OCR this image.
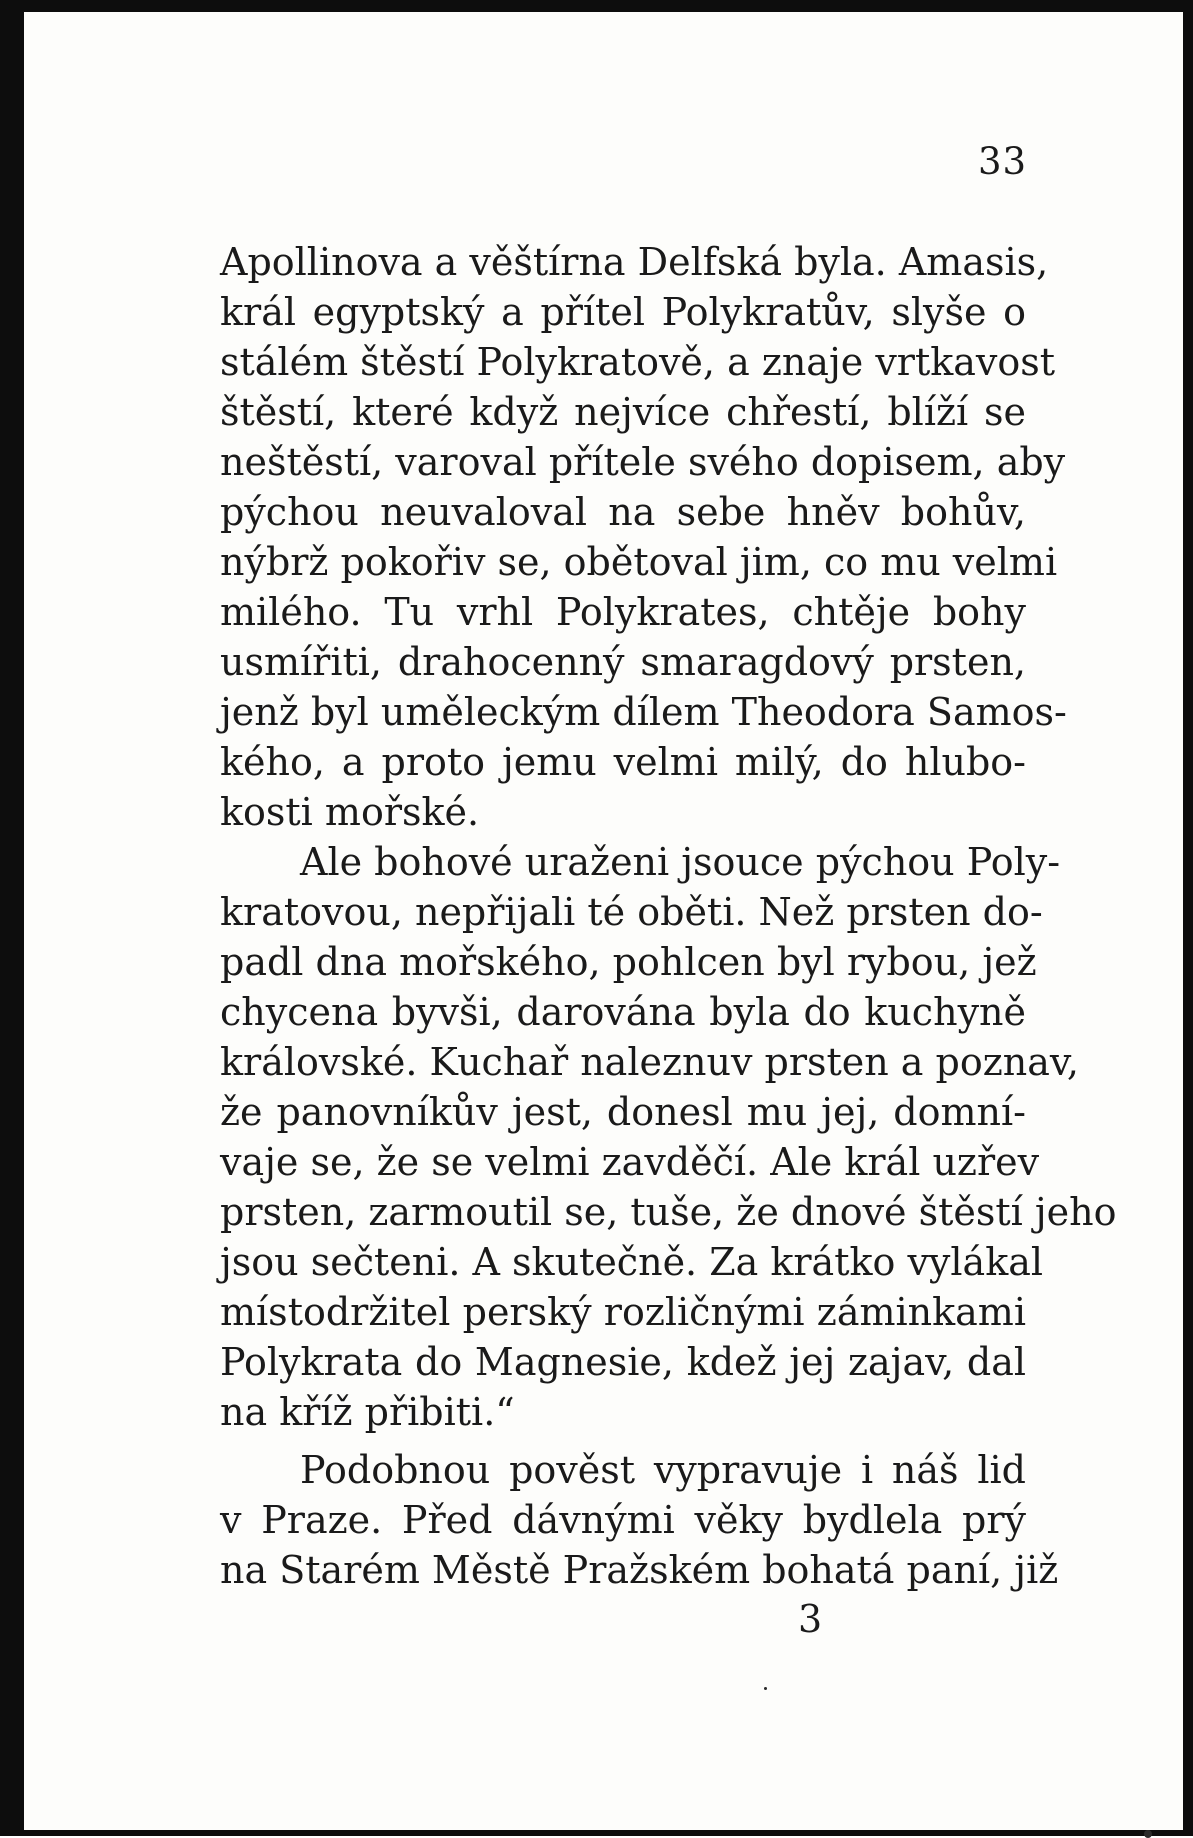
33
Apollinova a věštírna Delfská byla. Amasis,
král egyptský a přítel Polykratův, slyše o
stálém štěstí Polykratově, a znaje vrtkavost
štěstí, které když nejvíce chřestí, blíží se
neštěstí, varoval přítele svého dopisem, aby
pýchou neuvaloval na sebe hněv bohův,
nýbrž pokořiv se, obětoval jim, co mu velmi
milého. Tu vrhl Polykrates, chtěje bohy
usmířiti, drahocenný smaragdový prsten,
jenž byl uměleckým dílem Theodora Samos-
kého, a proto jemu velmi milý, do hlubo-
kosti mořské.
Ale bohové uraženi jsouce pýchou Poly-
kratovou, nepřijali té oběti. Než prsten do-
padl dna mořského, pohlcen byl rybou, jež
chycena byvši, darována byla do kuchyně
královské. Kuchař naleznuv prsten a poznav,
že panovníkův jest, donesl mu jej, domní-
vaje se, že se velmi zavděčí. Ale král uzřev
prsten, zarmoutil se, tuše, že dnové štěstí jeho
jsou sečteni. A skutečně. Za krátko vylákal
místodržitel perský rozličnými záminkami
Polykrata do Magnesie, kdež jej zajav, dal
na kříž přibiti.“
Podobnou pověst vypravuje i náš lid
v Praze. Před dávnými věky bydlela prý
na Starém Městě Pražském bohatá paní, již
3
